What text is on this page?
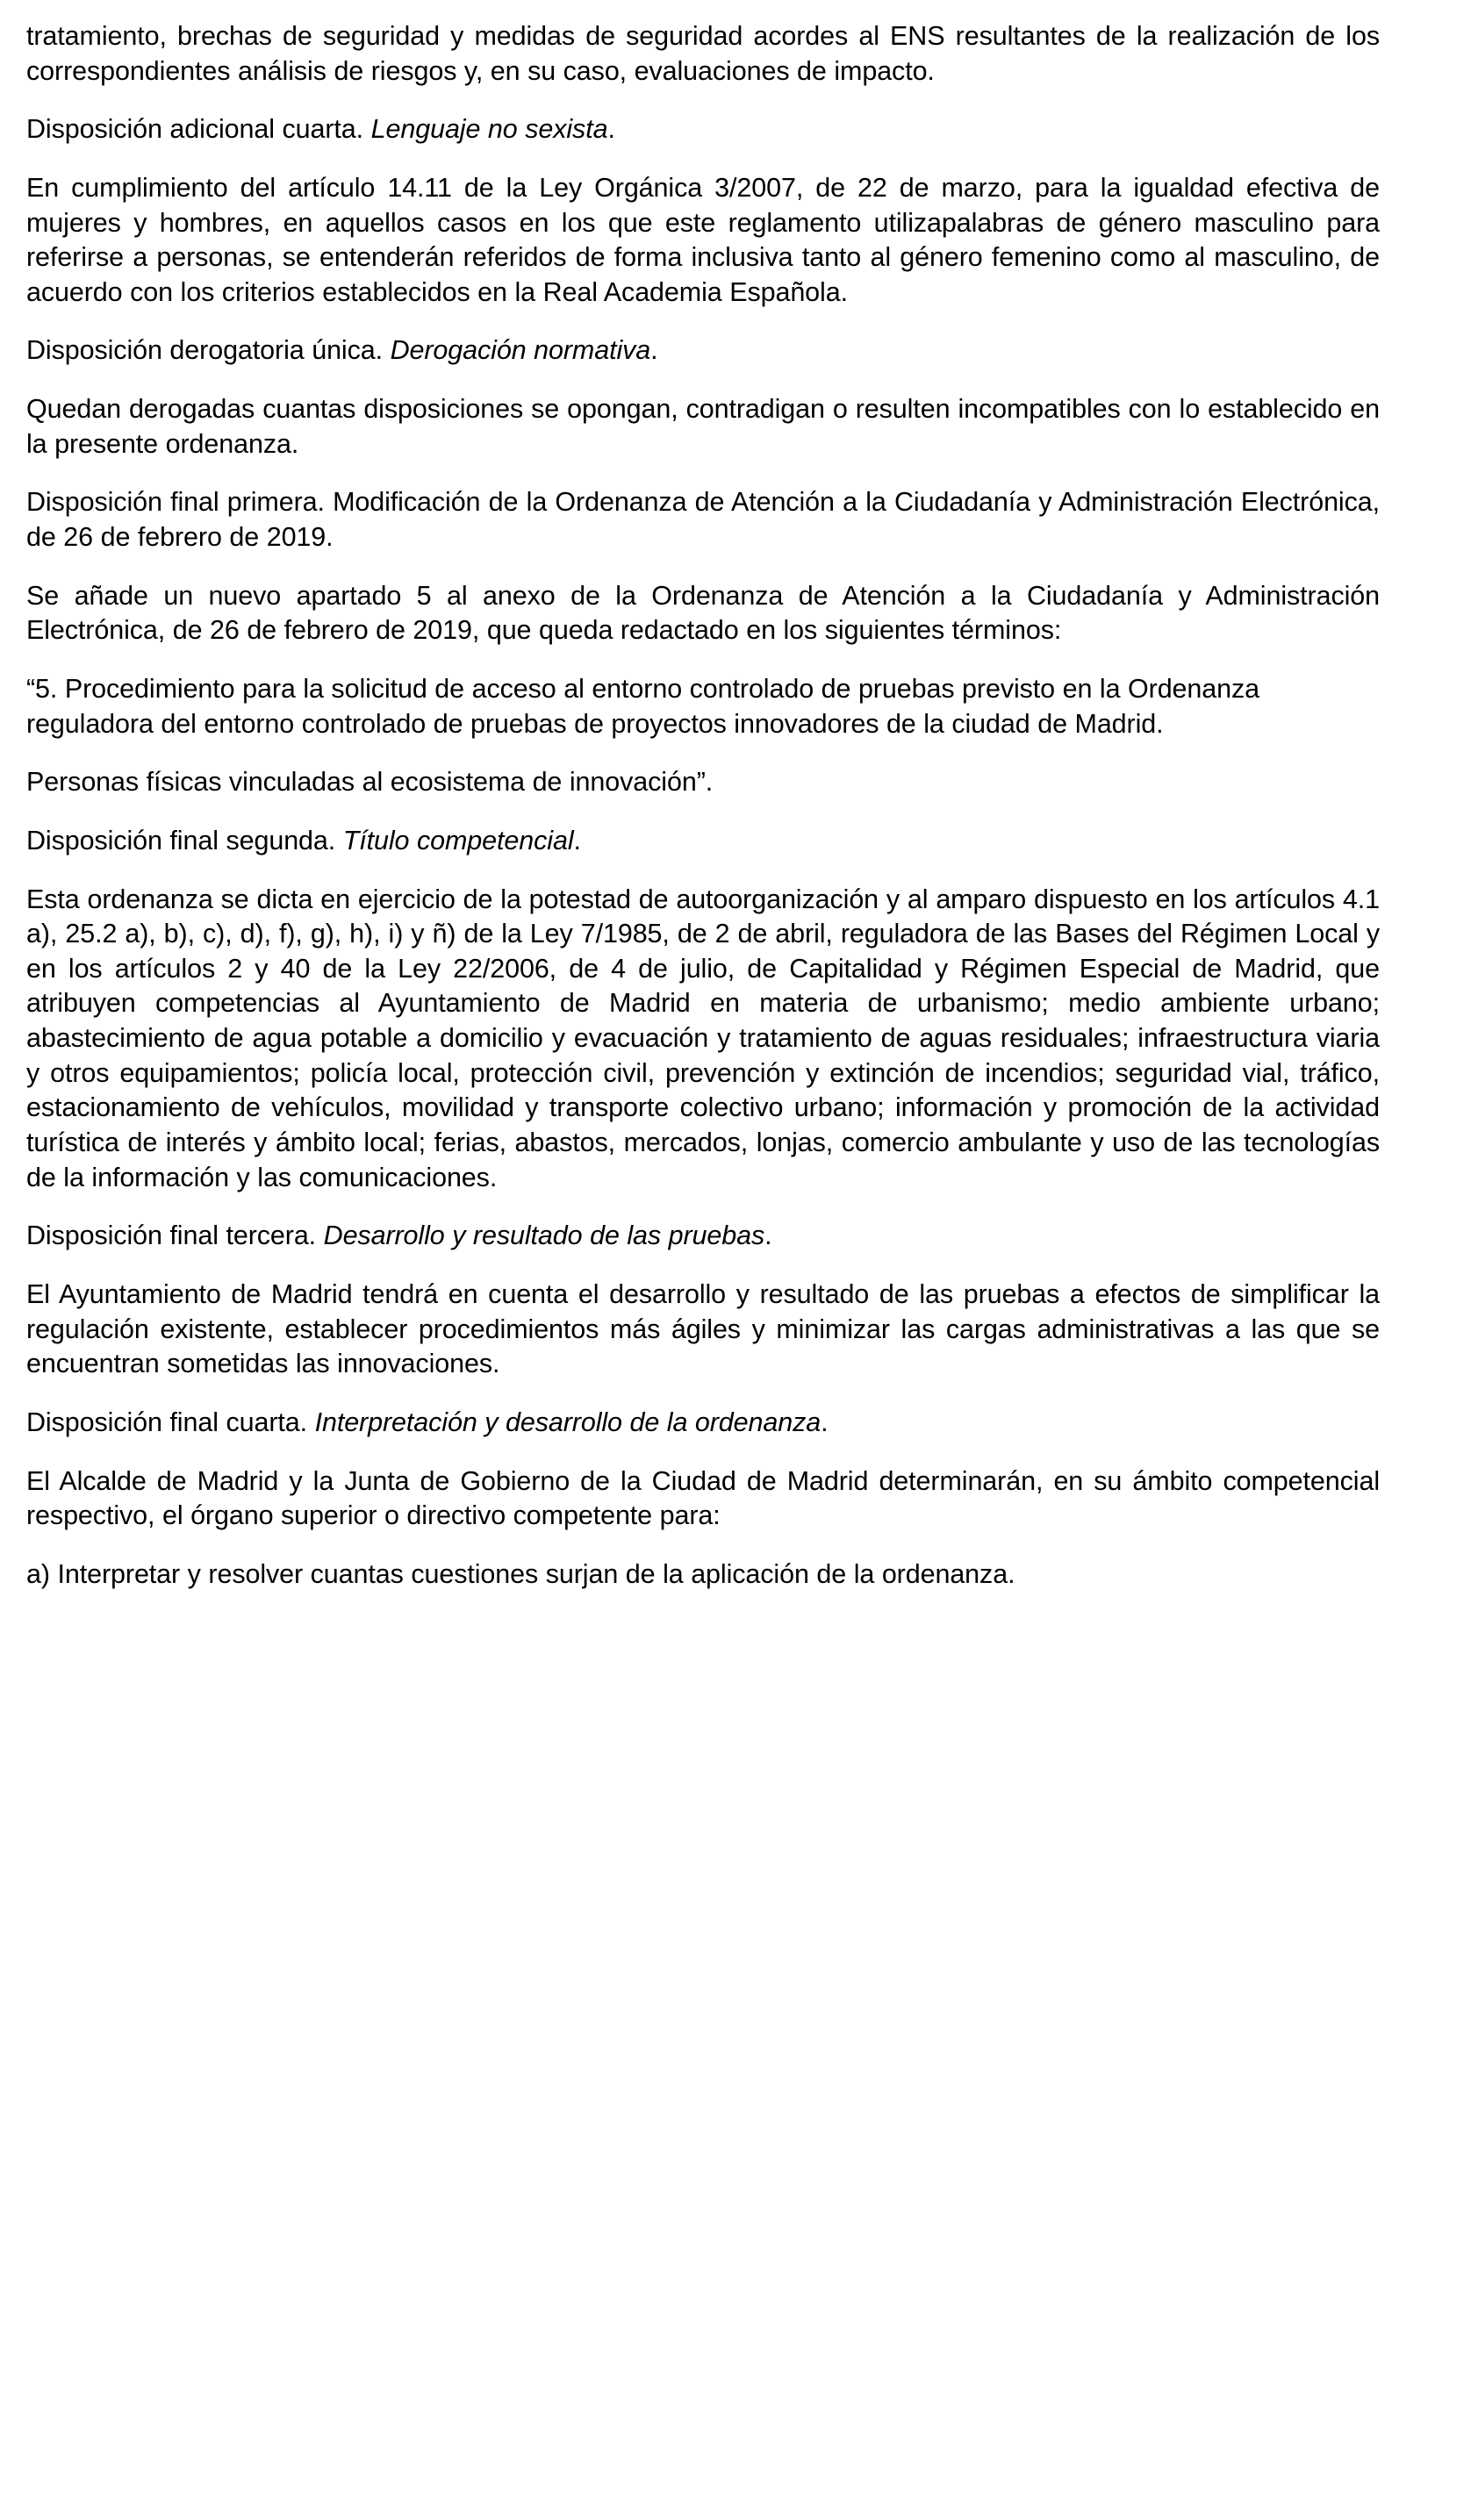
tratamiento, brechas de seguridad y medidas de seguridad acordes al ENS resultantes de la realización de los correspondientes análisis de riesgos y, en su caso, evaluaciones de impacto.

Disposición adicional cuarta. Lenguaje no sexista.

En cumplimiento del artículo 14.11 de la Ley Orgánica 3/2007, de 22 de marzo, para la igualdad efectiva de mujeres y hombres, en aquellos casos en los que este reglamento utilizapalabras de género masculino para referirse a personas, se entenderán referidos de forma inclusiva tanto al género femenino como al masculino, de acuerdo con los criterios establecidos en la Real Academia Española.

Disposición derogatoria única. Derogación normativa.

Quedan derogadas cuantas disposiciones se opongan, contradigan o resulten incompatibles con lo establecido en la presente ordenanza.

Disposición final primera. Modificación de la Ordenanza de Atención a la Ciudadanía y Administración Electrónica, de 26 de febrero de 2019.

Se añade un nuevo apartado 5 al anexo de la Ordenanza de Atención a la Ciudadanía y Administración Electrónica, de 26 de febrero de 2019, que queda redactado en los siguientes términos:

“5. Procedimiento para la solicitud de acceso al entorno controlado de pruebas previsto en la Ordenanza reguladora del entorno controlado de pruebas de proyectos innovadores de la ciudad de Madrid.

Personas físicas vinculadas al ecosistema de innovación”.

Disposición final segunda. Título competencial.

Esta ordenanza se dicta en ejercicio de la potestad de autoorganización y al amparo dispuesto en los artículos 4.1 a), 25.2 a), b), c), d), f), g), h), i) y ñ) de la Ley 7/1985, de 2 de abril, reguladora de las Bases del Régimen Local y en los artículos 2 y 40 de la Ley 22/2006, de 4 de julio, de Capitalidad y Régimen Especial de Madrid, que atribuyen competencias al Ayuntamiento de Madrid en materia de urbanismo; medio ambiente urbano; abastecimiento de agua potable a domicilio y evacuación y tratamiento de aguas residuales; infraestructura viaria y otros equipamientos; policía local, protección civil, prevención y extinción de incendios; seguridad vial, tráfico, estacionamiento de vehículos, movilidad y transporte colectivo urbano; información y promoción de la actividad turística de interés y ámbito local; ferias, abastos, mercados, lonjas, comercio ambulante y uso de las tecnologías de la información y las comunicaciones.

Disposición final tercera. Desarrollo y resultado de las pruebas.

El Ayuntamiento de Madrid tendrá en cuenta el desarrollo y resultado de las pruebas a efectos de simplificar la regulación existente, establecer procedimientos más ágiles y minimizar las cargas administrativas a las que se encuentran sometidas las innovaciones.

Disposición final cuarta. Interpretación y desarrollo de la ordenanza.

El Alcalde de Madrid y la Junta de Gobierno de la Ciudad de Madrid determinarán, en su ámbito competencial respectivo, el órgano superior o directivo competente para:

a) Interpretar y resolver cuantas cuestiones surjan de la aplicación de la ordenanza.
